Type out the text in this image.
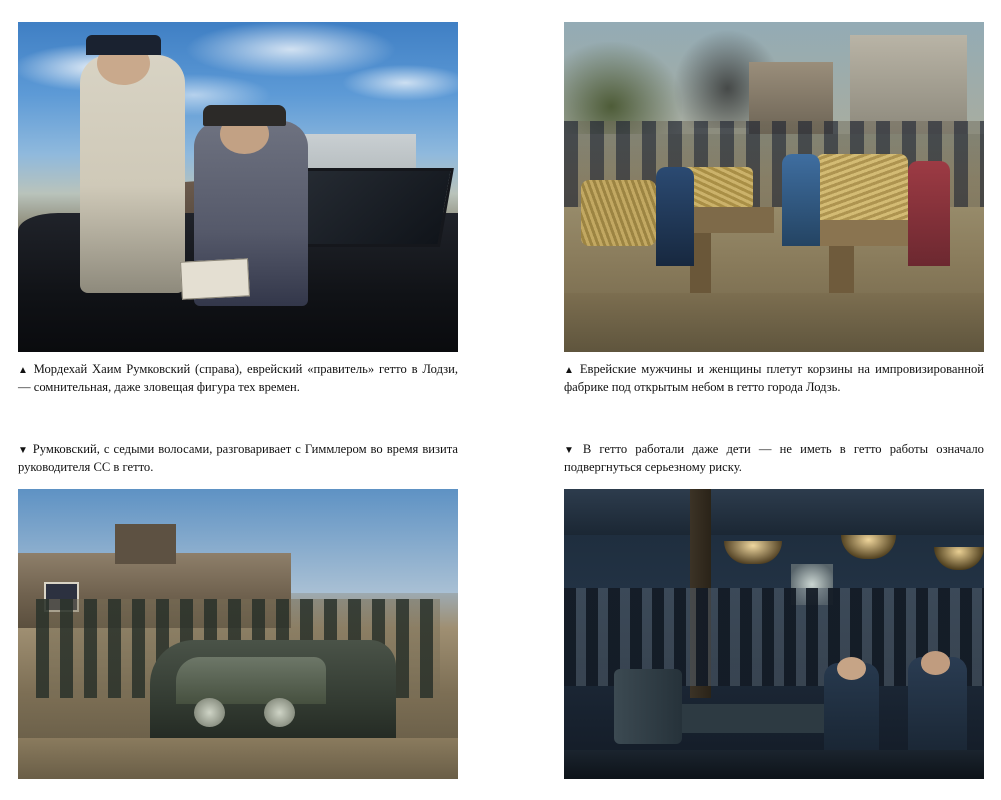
▲ Мордехай Хаим Румковский (справа), еврейский «правитель» гетто в Лодзи, — сомнительная, даже зловещая фигура тех времен.
▲ Еврейские мужчины и женщины плетут корзины на импровизированной фабрике под открытым небом в гетто города Лодзь.
▼ Румковский, с седыми волосами, разговаривает с Гиммлером во время визита руководителя СС в гетто.
▼ В гетто работали даже дети — не иметь в гетто работы означало подвергнуться серьезному риску.
